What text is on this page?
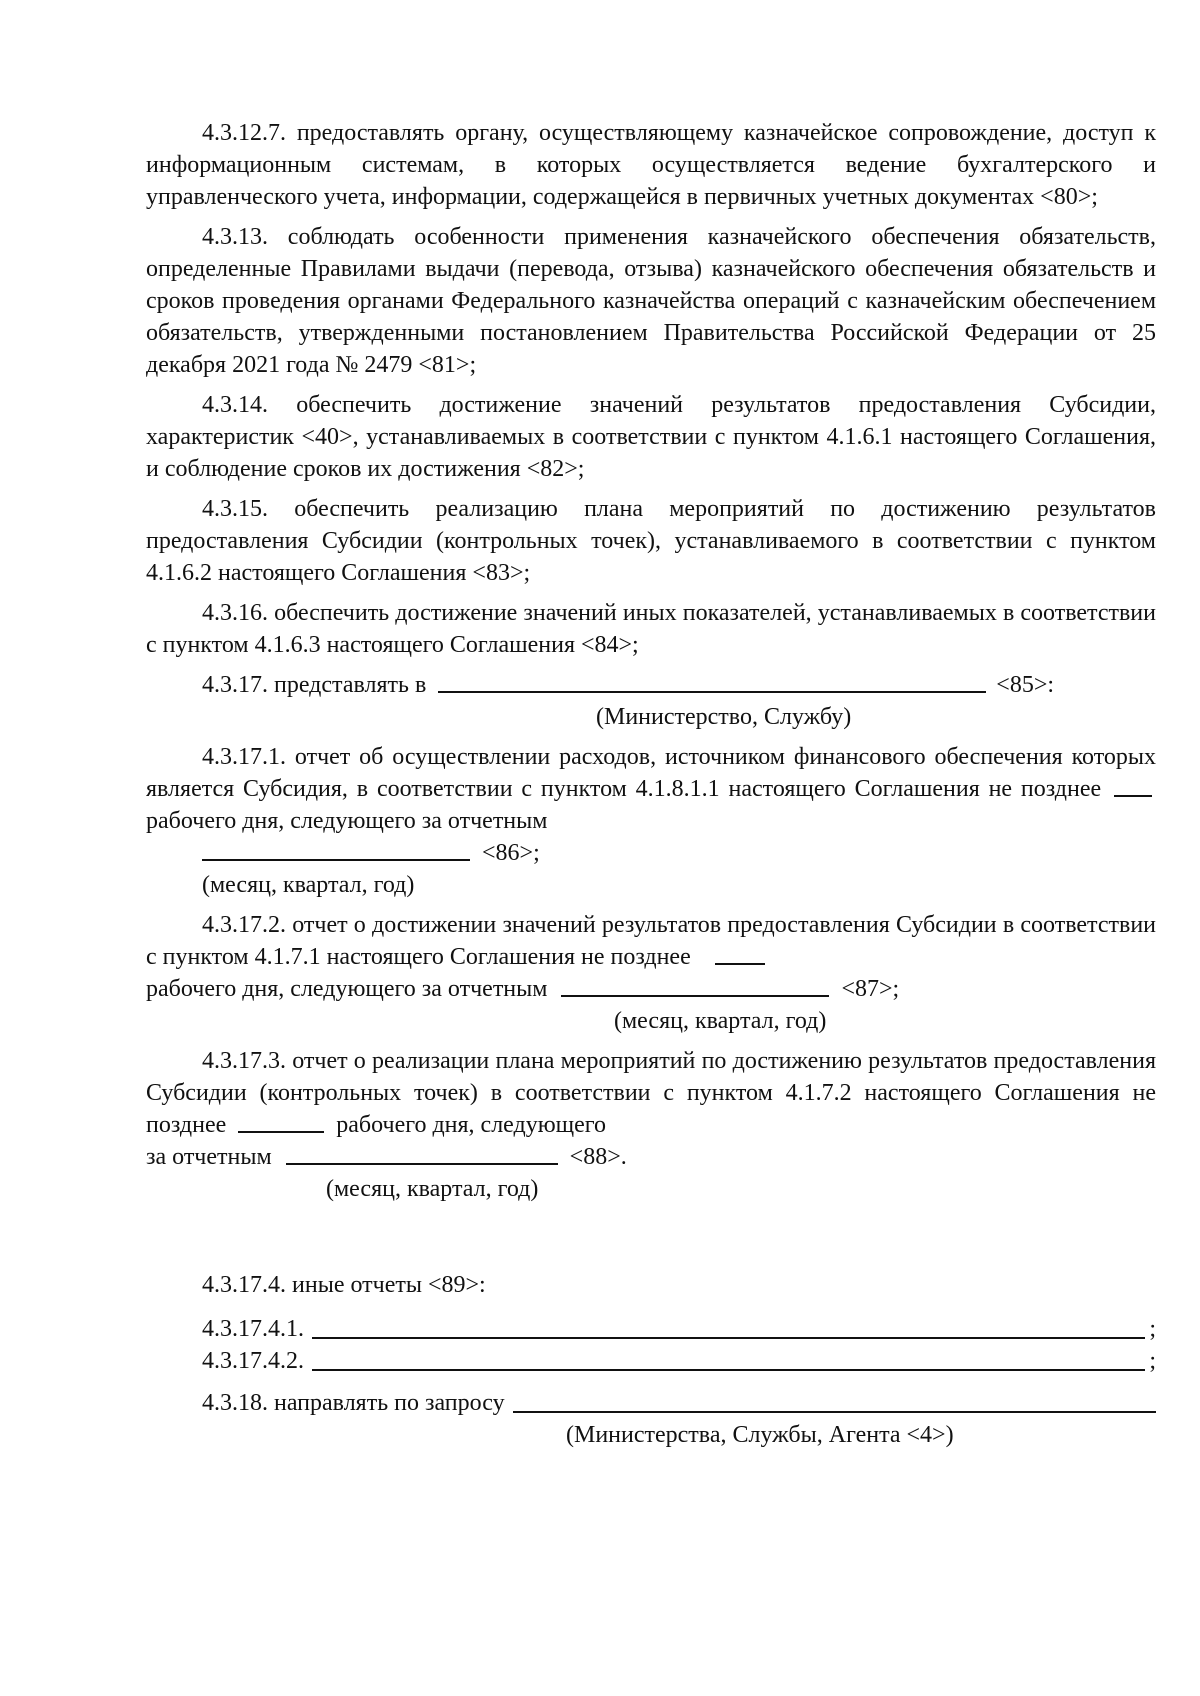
4.3.12.7. предоставлять органу, осуществляющему казначейское сопровождение, доступ к информационным системам, в которых осуществляется ведение бухгалтерского и управленческого учета, информации, содержащейся в первичных учетных документах <80>;

4.3.13. соблюдать особенности применения казначейского обеспечения обязательств, определенные Правилами выдачи (перевода, отзыва) казначейского обеспечения обязательств и сроков проведения органами Федерального казначейства операций с казначейским обеспечением обязательств, утвержденными постановлением Правительства Российской Федерации от 25 декабря 2021 года № 2479 <81>;

4.3.14. обеспечить достижение значений результатов предоставления Субсидии, характеристик <40>, устанавливаемых в соответствии с пунктом 4.1.6.1 настоящего Соглашения, и соблюдение сроков их достижения <82>;

4.3.15. обеспечить реализацию плана мероприятий по достижению результатов предоставления Субсидии (контрольных точек), устанавливаемого в соответствии с пунктом 4.1.6.2 настоящего Соглашения <83>;

4.3.16. обеспечить достижение значений иных показателей, устанавливаемых в соответствии с пунктом 4.1.6.3 настоящего Соглашения <84>;

4.3.17. представлять в	<85>:
(Министерство, Службу)

4.3.17.1. отчет об осуществлении расходов, источником финансового обеспечения которых является Субсидия, в соответствии с пунктом 4.1.8.1.1 настоящего Соглашения не позднее  рабочего дня, следующего за отчетным

<86>;
(месяц, квартал, год)

4.3.17.2. отчет о достижении значений результатов предоставления Субсидии в соответствии с пунктом 4.1.7.1 настоящего Соглашения не позднее

рабочего дня, следующего за отчетным	<87>;
(месяц, квартал, год)

4.3.17.3. отчет о реализации плана мероприятий по достижению результатов предоставления Субсидии (контрольных точек) в соответствии с пунктом 4.1.7.2 настоящего Соглашения не позднее	рабочего дня, следующего

за отчетным	<88>.
(месяц, квартал, год)
4.3.17.4. иные отчеты <89>:
4.3.17.4.1.	;
4.3.17.4.2.	;
4.3.18. направлять по запросу
(Министерства, Службы, Агента <4>)
